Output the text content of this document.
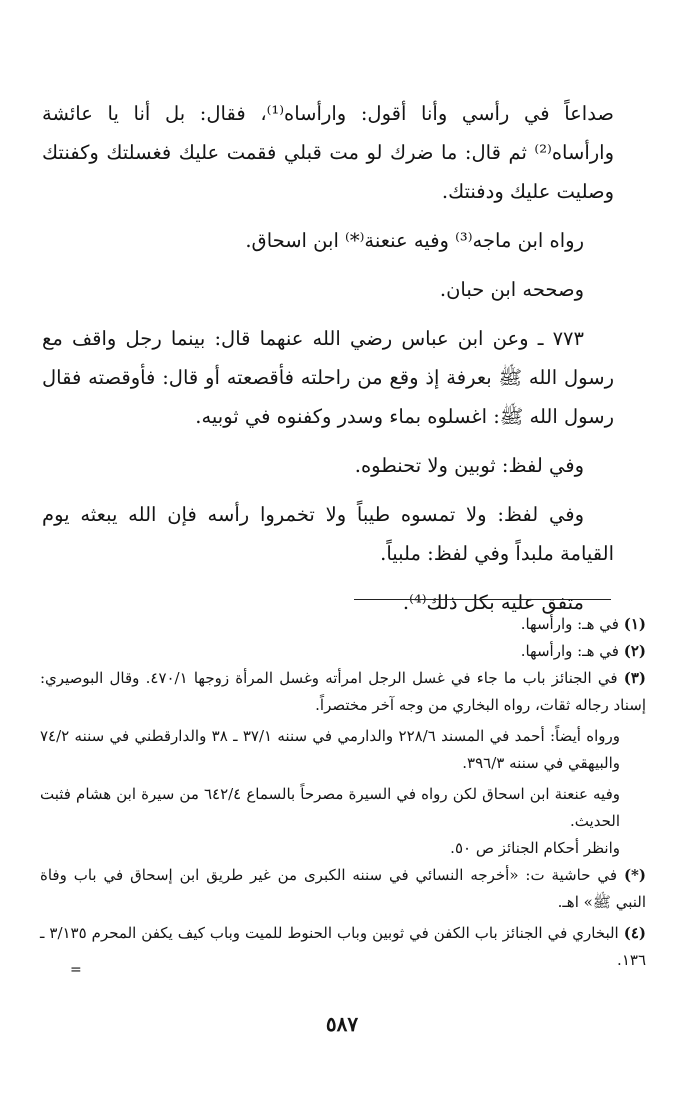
صداعاً في رأسي وأنا أقول: وارأساه⁽¹⁾، فقال: بل أنا يا عائشة وارأساه⁽²⁾ ثم قال: ما ضرك لو مت قبلي فقمت عليك فغسلتك وكفنتك وصليت عليك ودفنتك.

رواه ابن ماجه⁽³⁾ وفيه عنعنة⁽*⁾ ابن اسحاق.

وصححه ابن حبان.

٧٧٣ ـ وعن ابن عباس رضي الله عنهما قال: بينما رجل واقف مع رسول الله ﷺ بعرفة إذ وقع من راحلته فأقصعته أو قال: فأوقصته فقال رسول الله ﷺ: اغسلوه بماء وسدر وكفنوه في ثوبيه.

وفي لفظ: ثوبين ولا تحنطوه.

وفي لفظ: ولا تمسوه طيباً ولا تخمروا رأسه فإن الله يبعثه يوم القيامة ملبداً وفي لفظ: ملبياً.

متفق عليه بكل ذلك⁽⁴⁾.

(١) في هـ: وارأسها.
(٢) في هـ: وارأسها.
(٣) في الجنائز باب ما جاء في غسل الرجل امرأته وغسل المرأة زوجها ٤٧٠/١. وقال البوصيري: إسناد رجاله ثقات، رواه البخاري من وجه آخر مختصراً.
ورواه أيضاً: أحمد في المسند ٢٢٨/٦ والدارمي في سننه ٣٧/١ ـ ٣٨ والدارقطني في سننه ٧٤/٢ والبيهقي في سننه ٣٩٦/٣.
وفيه عنعنة ابن اسحاق لكن رواه في السيرة مصرحاً بالسماع ٦٤٢/٤ من سيرة ابن هشام فثبت الحديث.
وانظر أحكام الجنائز ص ٥٠.
(*) في حاشية ت: «أخرجه النسائي في سننه الكبرى من غير طريق ابن إسحاق في باب وفاة النبي ﷺ» اهـ.
(٤) البخاري في الجنائز باب الكفن في ثوبين وباب الحنوط للميت وباب كيف يكفن المحرم ٣/١٣٥ ـ ١٣٦.
=
٥٨٧
